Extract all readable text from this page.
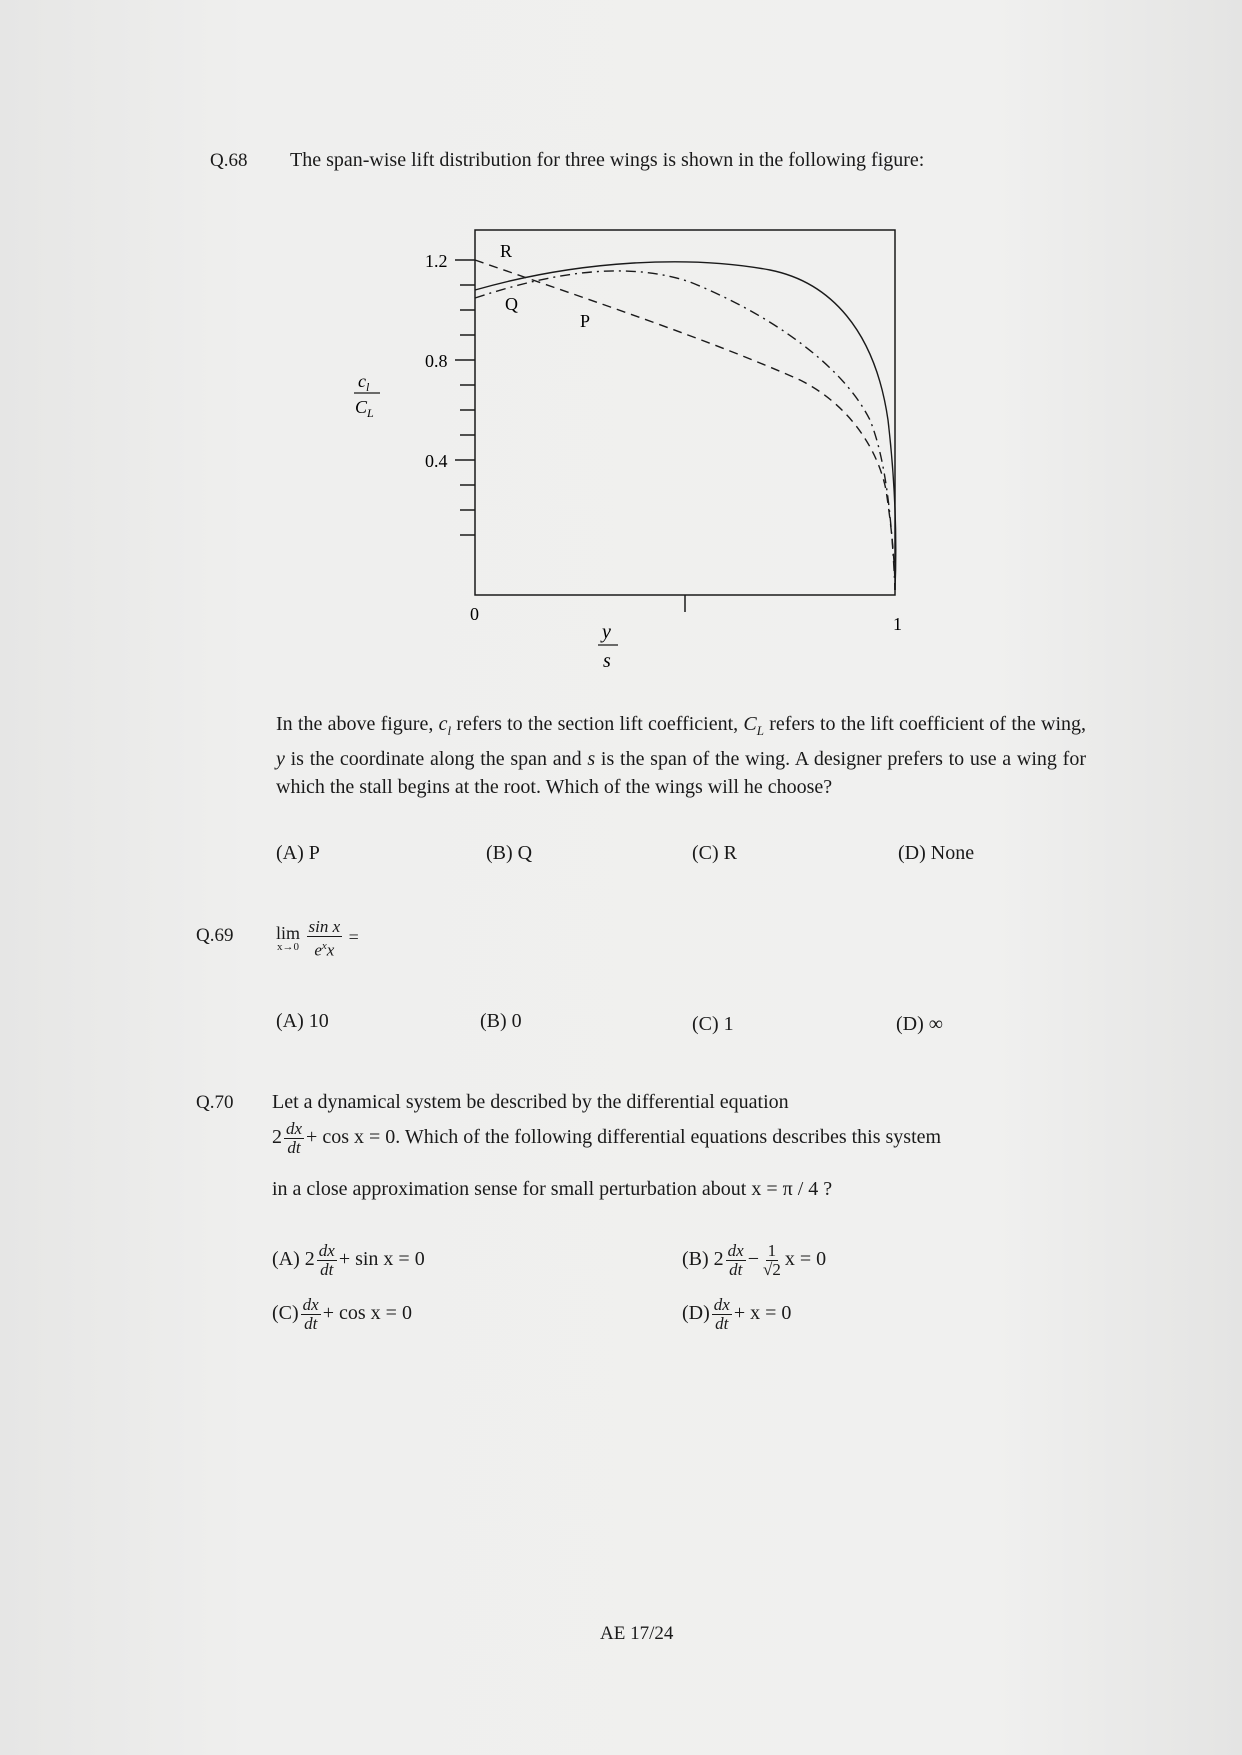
Q.68 The span-wise lift distribution for three wings is shown in the following figure:
1.2
0.8
0.4
0	1
$c_l$
$C_L$
y
s
R
Q
P
In the above figure, $c_l$ refers to the section lift coefficient, $C_L$ refers to the lift coefficient of the wing, y is the coordinate along the span and s is the span of the wing. A designer prefers to use a wing for which the stall begins at the root. Which of the wings will he choose?
(A) P	(B) Q	(C) R	(D) None
Q.69 lim
x→0
$\frac{\text{sin x}}{e^xx}$ =
(A) 10	(B) 0	(C) 1	(D) ∞
Q.70 Let a dynamical system be described by the differential equation
$2 \frac{dx}{dt} + \cos x = 0$. Which of the following differential equations describes this system
in a close approximation sense for small perturbation about x = π / 4 ?
(A) $2 \frac{dx}{dt} + \sin x = 0$	(B) $2 \frac{dx}{dt} - \frac{1}{√2}$ x = 0
$(C) \frac{dx}{dt} + \cos x = 0$	$(D) \frac{dx}{dt} + x = 0$
AE 17/24
